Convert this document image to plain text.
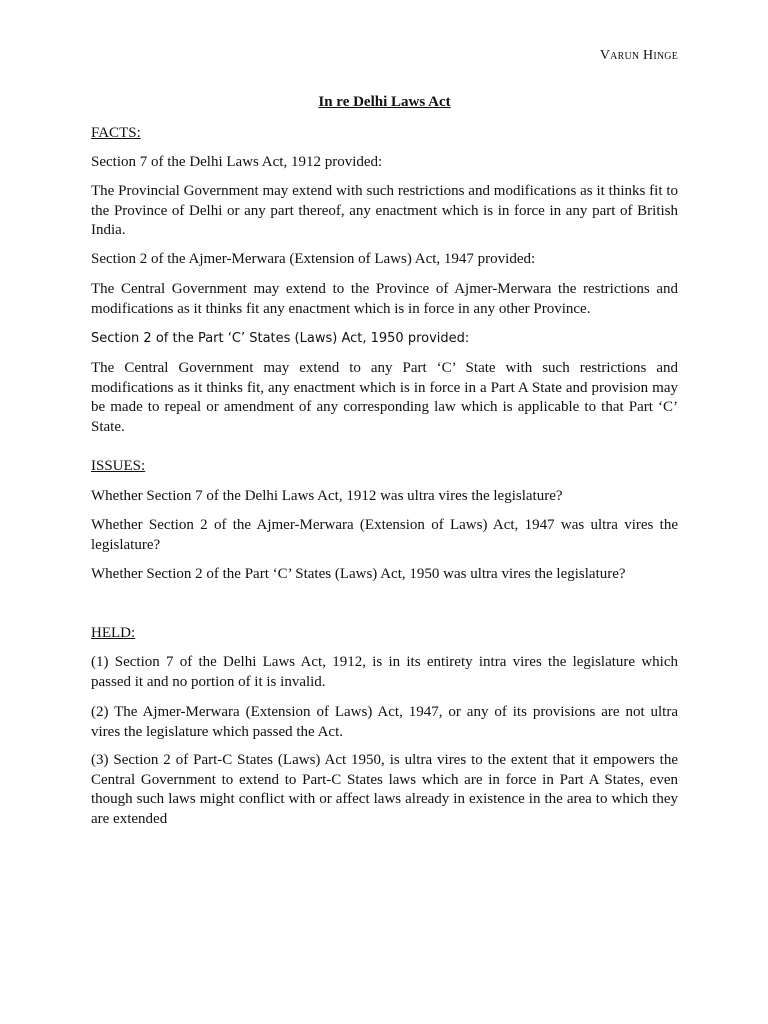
Varun Hinge
In re Delhi Laws Act

FACTS:

Section 7 of the Delhi Laws Act, 1912 provided:

The Provincial Government may extend with such restrictions and modifications as it thinks fit to the Province of Delhi or any part thereof, any enactment which is in force in any part of British India.

Section 2 of the Ajmer-Merwara (Extension of Laws) Act, 1947 provided:

The Central Government may extend to the Province of Ajmer-Merwara the restrictions and modifications as it thinks fit any enactment which is in force in any other Province.

Section 2 of the Part ‘C’ States (Laws) Act, 1950 provided:

The Central Government may extend to any Part ‘C’ State with such restrictions and modifications as it thinks fit, any enactment which is in force in a Part A State and provision may be made to repeal or amendment of any corresponding law which is applicable to that Part ‘C’ State.

ISSUES:

Whether Section 7 of the Delhi Laws Act, 1912 was ultra vires the legislature?

Whether Section 2 of the Ajmer-Merwara (Extension of Laws) Act, 1947 was ultra vires the legislature?

Whether Section 2 of the Part ‘C’ States (Laws) Act, 1950 was ultra vires the legislature?

HELD:

(1) Section 7 of the Delhi Laws Act, 1912, is in its entirety intra vires the legislature which passed it and no portion of it is invalid.

(2) The Ajmer-Merwara (Extension of Laws) Act, 1947, or any of its provisions are not ultra vires the legislature which passed the Act.

(3) Section 2 of Part-C States (Laws) Act 1950, is ultra vires to the extent that it empowers the Central Government to extend to Part-C States laws which are in force in Part A States, even though such laws might conflict with or affect laws already in existence in the area to which they are extended
